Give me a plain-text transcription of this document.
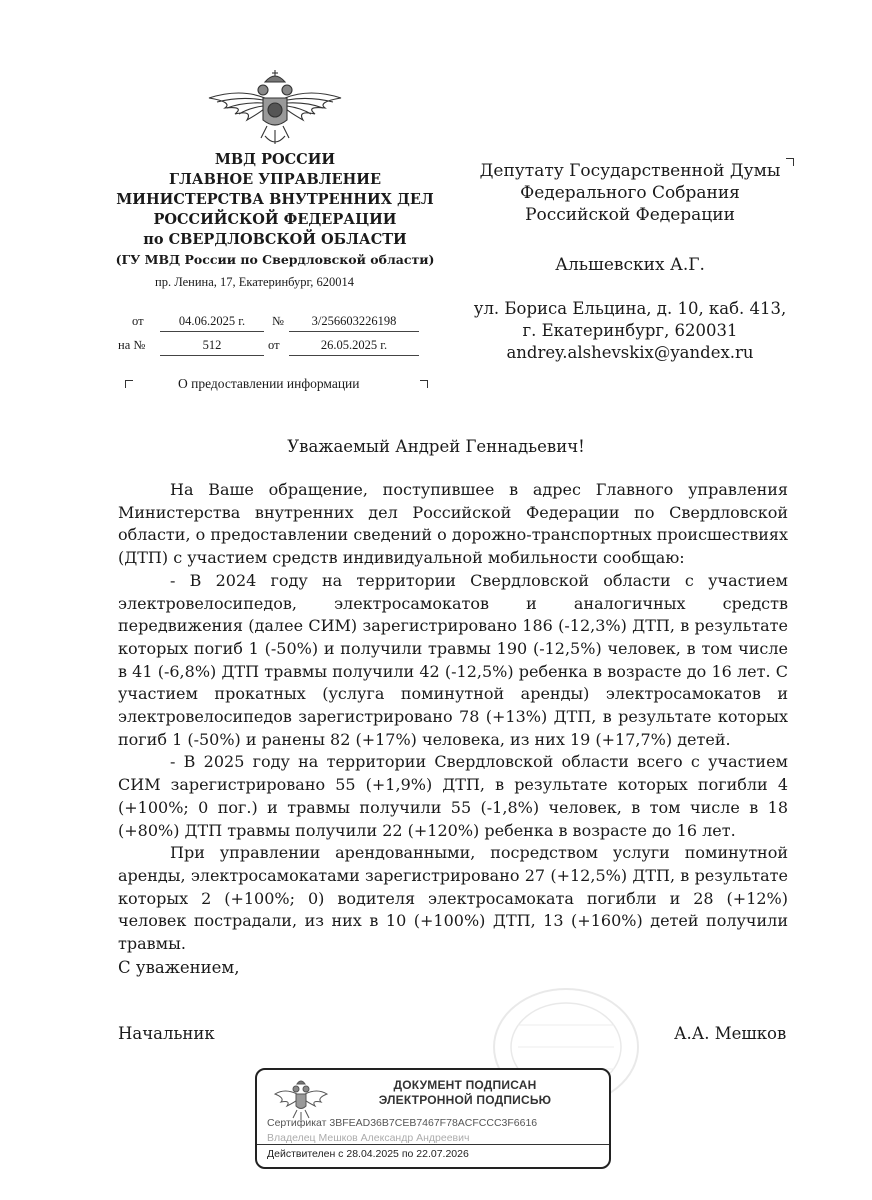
МВД РОССИИ
ГЛАВНОЕ УПРАВЛЕНИЕ
МИНИСТЕРСТВА ВНУТРЕННИХ ДЕЛ
РОССИЙСКОЙ ФЕДЕРАЦИИ
по СВЕРДЛОВСКОЙ ОБЛАСТИ
(ГУ МВД России по Свердловской области)
пр. Ленина, 17, Екатеринбург, 620014
от	04.06.2025 г.	№	3/256603226198
на №	512	от	26.05.2025 г.
О предоставлении информации
Депутату Государственной Думы
Федерального Собрания
Российской Федерации
Альшевских А.Г.
ул. Бориса Ельцина, д. 10, каб. 413,
г. Екатеринбург, 620031
andrey.alshevskix@yandex.ru
Уважаемый Андрей Геннадьевич!

На Ваше обращение, поступившее в адрес Главного управления Министерства внутренних дел Российской Федерации по Свердловской области, о предоставлении сведений о дорожно-транспортных происшествиях (ДТП) с участием средств индивидуальной мобильности сообщаю:

- В 2024 году на территории Свердловской области с участием электровелосипедов, электросамокатов и аналогичных средств передвижения (далее СИМ) зарегистрировано 186 (-12,3%) ДТП, в результате которых погиб 1 (-50%) и получили травмы 190 (-12,5%) человек, в том числе в 41 (-6,8%) ДТП травмы получили 42 (-12,5%) ребенка в возрасте до 16 лет. С участием прокатных (услуга поминутной аренды) электросамокатов и электровелосипедов зарегистрировано 78 (+13%) ДТП, в результате которых погиб 1 (-50%) и ранены 82 (+17%) человека, из них 19 (+17,7%) детей.

- В 2025 году на территории Свердловской области всего с участием СИМ зарегистрировано 55 (+1,9%) ДТП, в результате которых погибли 4 (+100%; 0 пог.) и травмы получили 55 (-1,8%) человек, в том числе в 18 (+80%) ДТП травмы получили 22 (+120%) ребенка в возрасте до 16 лет.

При управлении арендованными, посредством услуги поминутной аренды, электросамокатами зарегистрировано 27 (+12,5%) ДТП, в результате которых 2 (+100%; 0) водителя электросамоката погибли и 28 (+12%) человек пострадали, из них в 10 (+100%) ДТП, 13 (+160%) детей получили травмы.

С уважением,
Начальник	А.А. Мешков
ДОКУМЕНТ ПОДПИСАН
ЭЛЕКТРОННОЙ ПОДПИСЬЮ
Сертификат 3BFEAD36B7CEB7467F78ACFCCC3F6616
Владелец Мешков Александр Андреевич
Действителен с 28.04.2025 по 22.07.2026
